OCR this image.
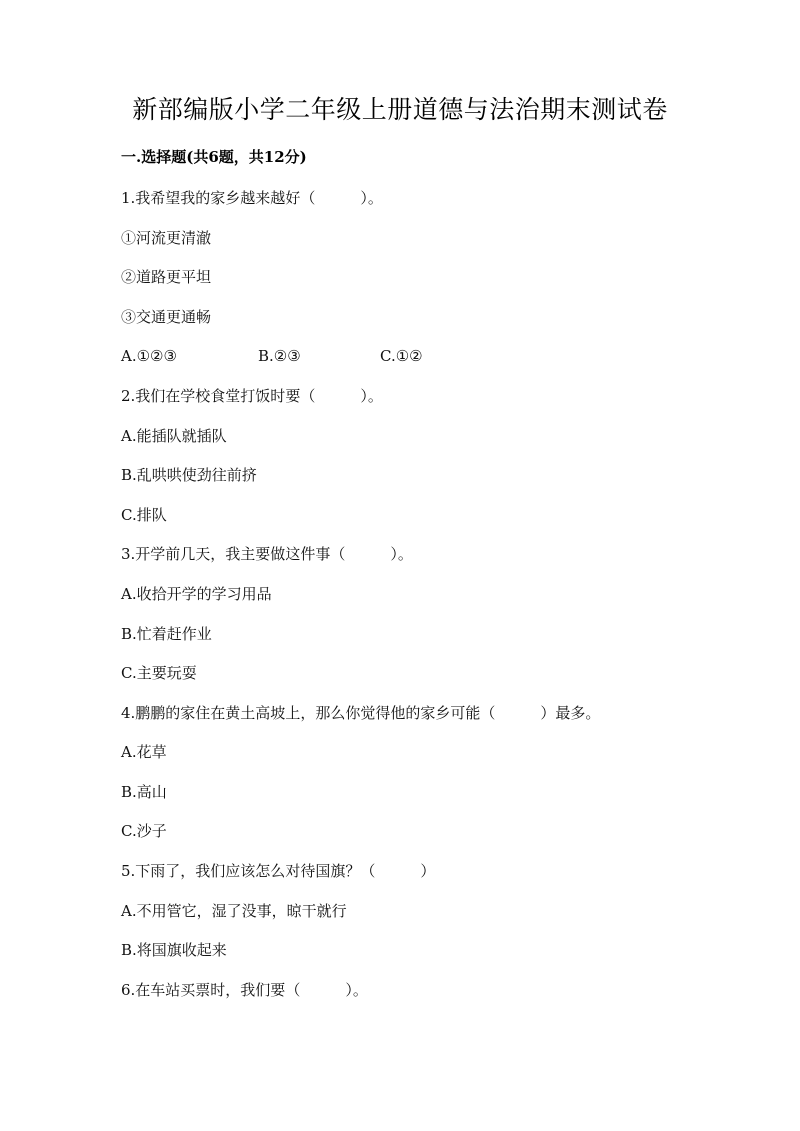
新部编版小学二年级上册道德与法治期末测试卷
一.选择题(共6题，共12分)
1.我希望我的家乡越来越好（　　　）。
①河流更清澈
②道路更平坦
③交通更通畅
A.①②③	B.②③	C.①②
2.我们在学校食堂打饭时要（　　　）。
A.能插队就插队
B.乱哄哄使劲往前挤
C.排队
3.开学前几天，我主要做这件事（　　　）。
A.收拾开学的学习用品
B.忙着赶作业
C.主要玩耍
4.鹏鹏的家住在黄土高坡上，那么你觉得他的家乡可能（　　　）最多。
A.花草
B.高山
C.沙子
5.下雨了，我们应该怎么对待国旗？（　　　）
A.不用管它，湿了没事，晾干就行
B.将国旗收起来
6.在车站买票时，我们要（　　　）。
